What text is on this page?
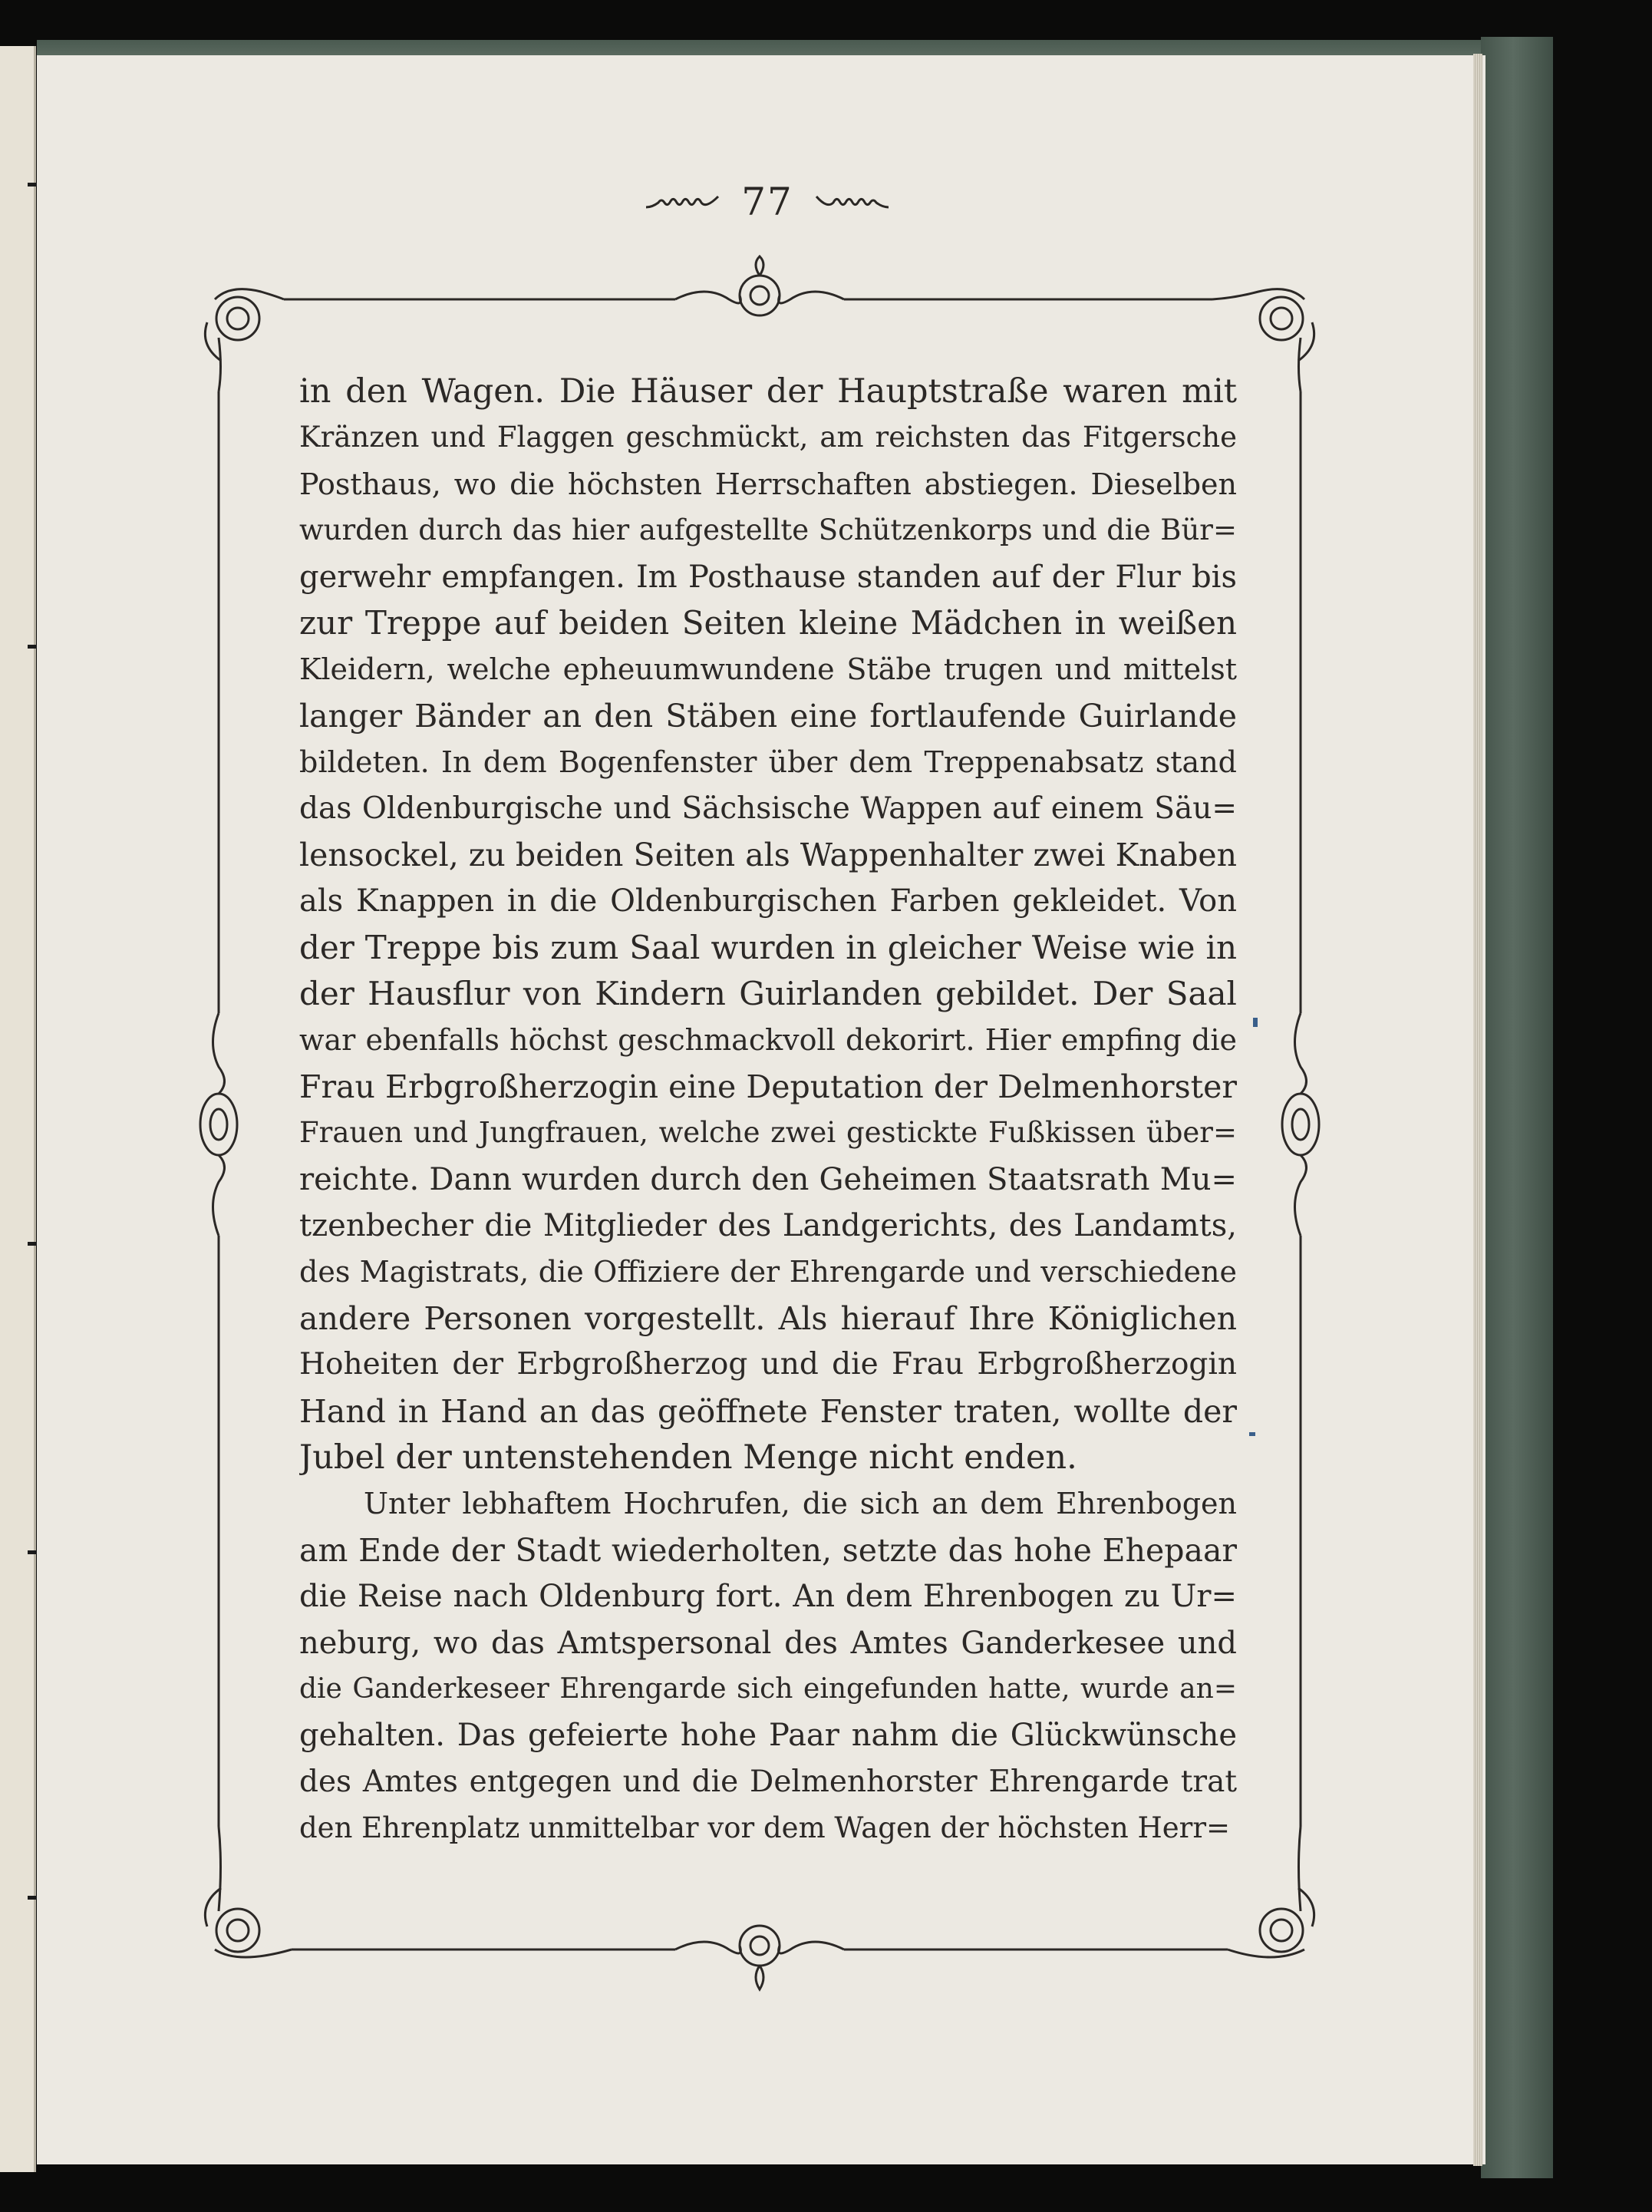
77
in den Wagen. Die Häuser der Hauptstraße waren mit
Kränzen und Flaggen geschmückt, am reichsten das Fitgersche
Posthaus, wo die höchsten Herrschaften abstiegen. Dieselben
wurden durch das hier aufgestellte Schützenkorps und die Bür=
gerwehr empfangen. Im Posthause standen auf der Flur bis
zur Treppe auf beiden Seiten kleine Mädchen in weißen
Kleidern, welche epheuumwundene Stäbe trugen und mittelst
langer Bänder an den Stäben eine fortlaufende Guirlande
bildeten. In dem Bogenfenster über dem Treppenabsatz stand
das Oldenburgische und Sächsische Wappen auf einem Säu=
lensockel, zu beiden Seiten als Wappenhalter zwei Knaben
als Knappen in die Oldenburgischen Farben gekleidet. Von
der Treppe bis zum Saal wurden in gleicher Weise wie in
der Hausflur von Kindern Guirlanden gebildet. Der Saal
war ebenfalls höchst geschmackvoll dekorirt. Hier empfing die
Frau Erbgroßherzogin eine Deputation der Delmenhorster
Frauen und Jungfrauen, welche zwei gestickte Fußkissen über=
reichte. Dann wurden durch den Geheimen Staatsrath Mu=
tzenbecher die Mitglieder des Landgerichts, des Landamts,
des Magistrats, die Offiziere der Ehrengarde und verschiedene
andere Personen vorgestellt. Als hierauf Ihre Königlichen
Hoheiten der Erbgroßherzog und die Frau Erbgroßherzogin
Hand in Hand an das geöffnete Fenster traten, wollte der
Jubel der untenstehenden Menge nicht enden.
Unter lebhaftem Hochrufen, die sich an dem Ehrenbogen
am Ende der Stadt wiederholten, setzte das hohe Ehepaar
die Reise nach Oldenburg fort. An dem Ehrenbogen zu Ur=
neburg, wo das Amtspersonal des Amtes Ganderkesee und
die Ganderkeseer Ehrengarde sich eingefunden hatte, wurde an=
gehalten. Das gefeierte hohe Paar nahm die Glückwünsche
des Amtes entgegen und die Delmenhorster Ehrengarde trat
den Ehrenplatz unmittelbar vor dem Wagen der höchsten Herr=
